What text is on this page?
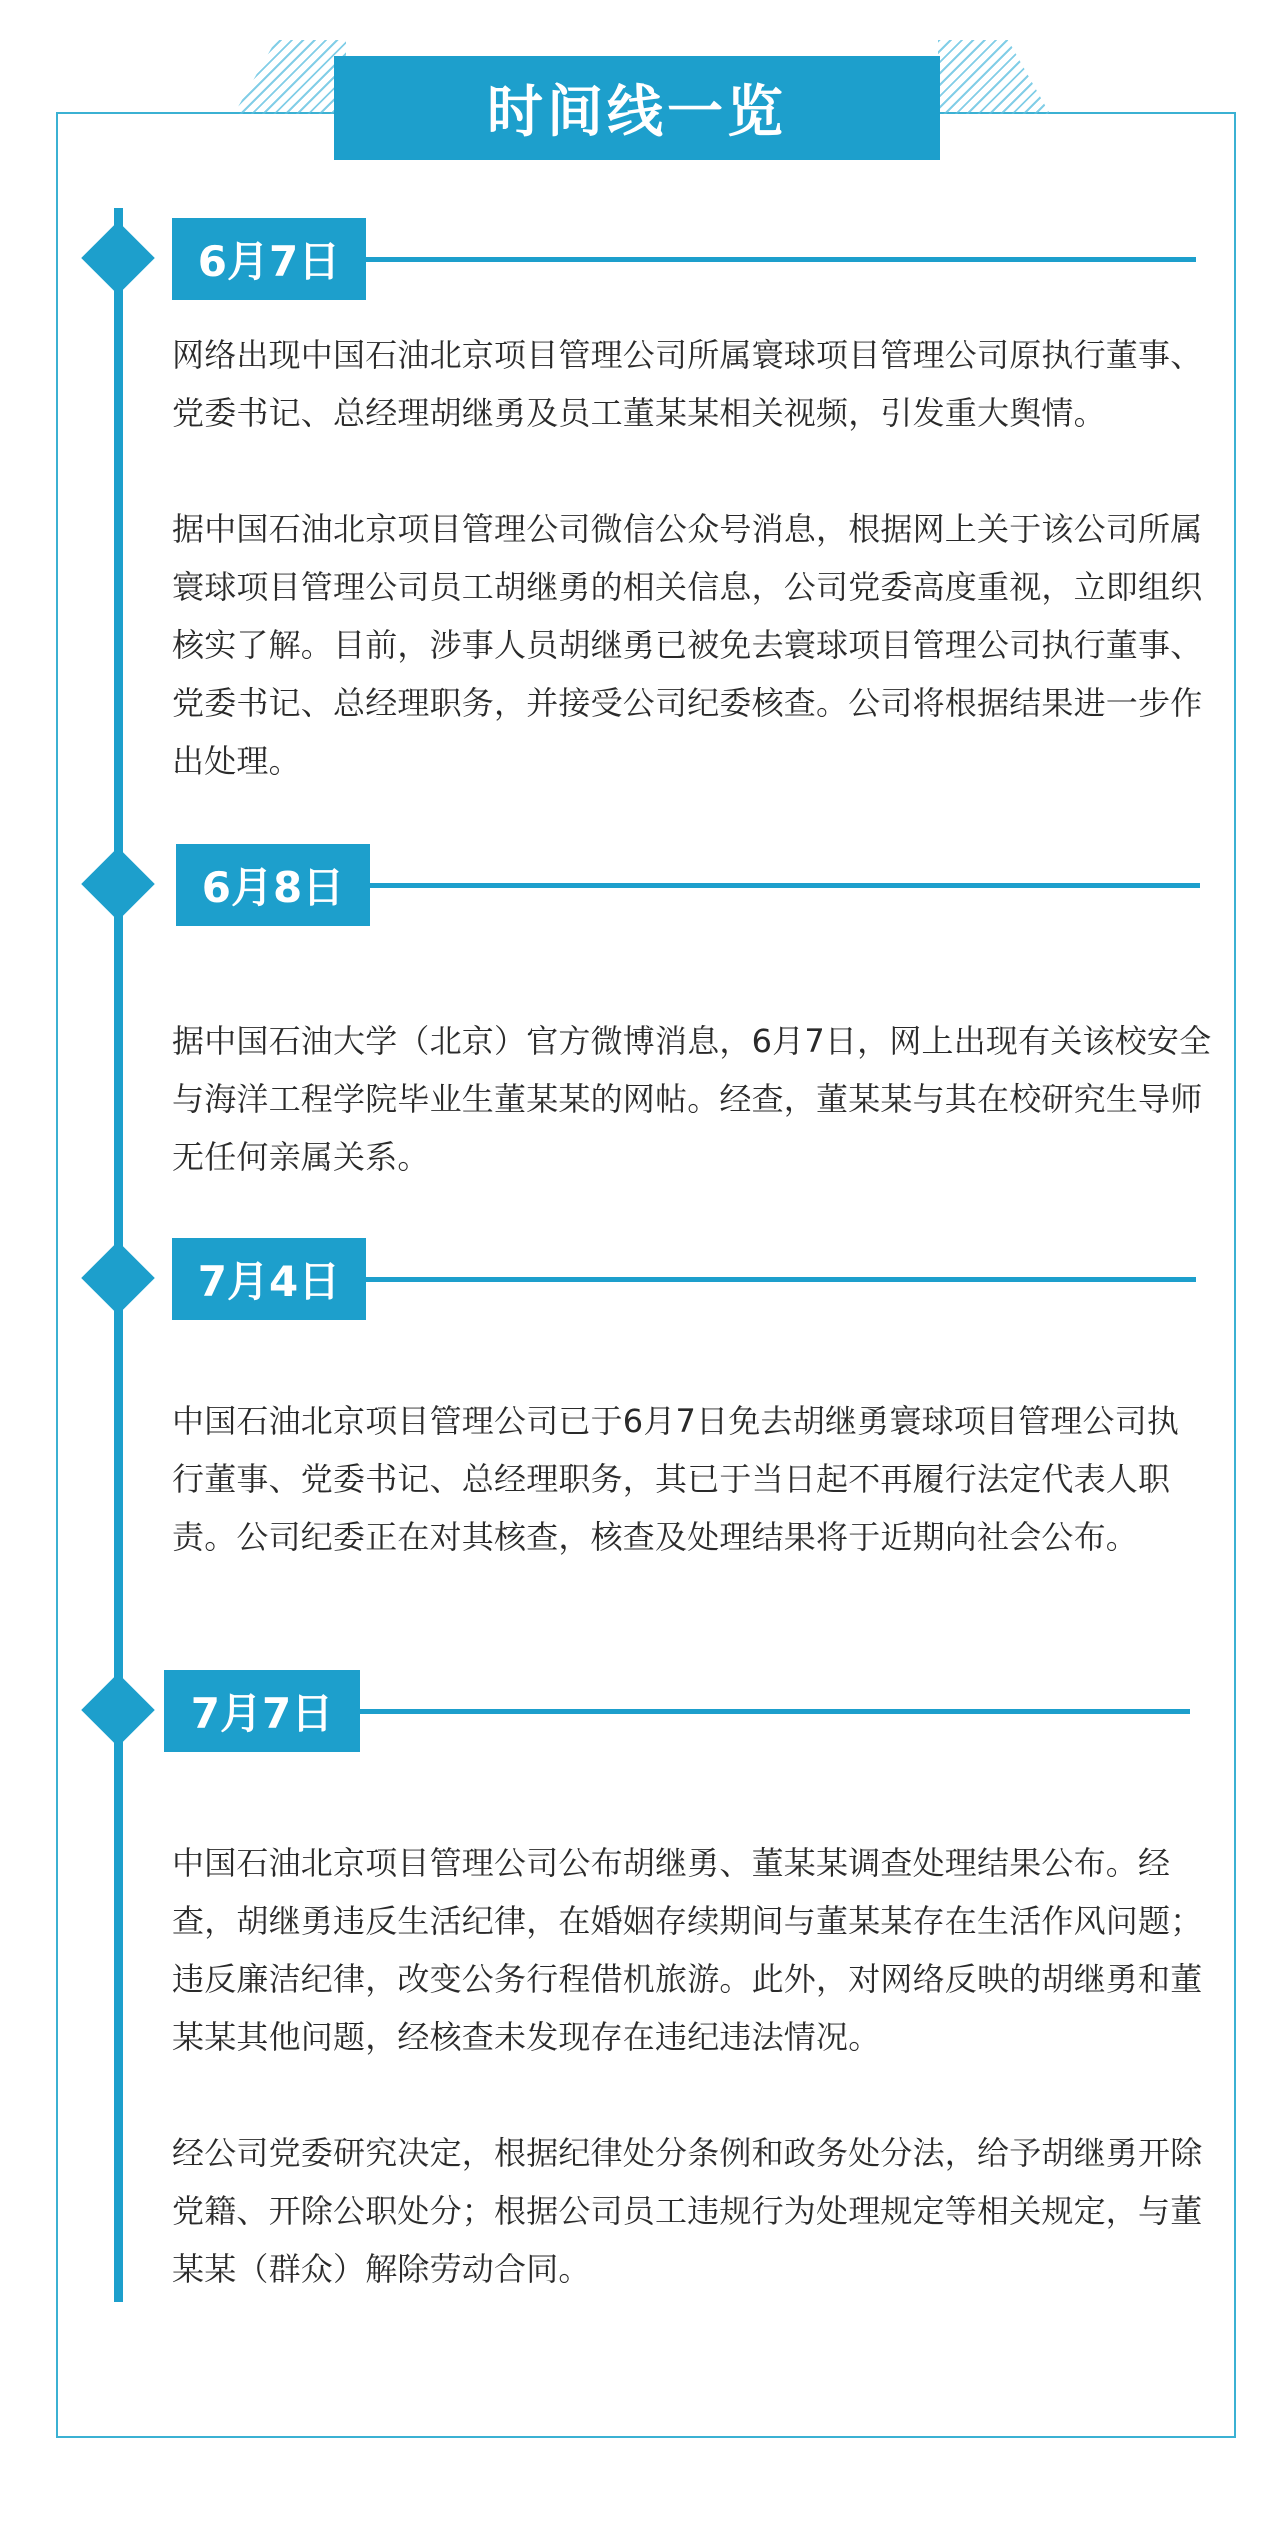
时间线一览
6月7日

网络出现中国石油北京项目管理公司所属寰球项目管理公司原执行董事、党委书记、总经理胡继勇及员工董某某相关视频，引发重大舆情。

据中国石油北京项目管理公司微信公众号消息，根据网上关于该公司所属寰球项目管理公司员工胡继勇的相关信息，公司党委高度重视，立即组织核实了解。目前，涉事人员胡继勇已被免去寰球项目管理公司执行董事、党委书记、总经理职务，并接受公司纪委核查。公司将根据结果进一步作出处理。

6月8日

据中国石油大学（北京）官方微博消息，6月7日，网上出现有关该校安全与海洋工程学院毕业生董某某的网帖。经查，董某某与其在校研究生导师无任何亲属关系。

7月4日

中国石油北京项目管理公司已于6月7日免去胡继勇寰球项目管理公司执行董事、党委书记、总经理职务，其已于当日起不再履行法定代表人职责。公司纪委正在对其核查，核查及处理结果将于近期向社会公布。

7月7日

中国石油北京项目管理公司公布胡继勇、董某某调查处理结果公布。经查，胡继勇违反生活纪律，在婚姻存续期间与董某某存在生活作风问题；违反廉洁纪律，改变公务行程借机旅游。此外，对网络反映的胡继勇和董某某其他问题，经核查未发现存在违纪违法情况。

经公司党委研究决定，根据纪律处分条例和政务处分法，给予胡继勇开除党籍、开除公职处分；根据公司员工违规行为处理规定等相关规定，与董某某（群众）解除劳动合同。
